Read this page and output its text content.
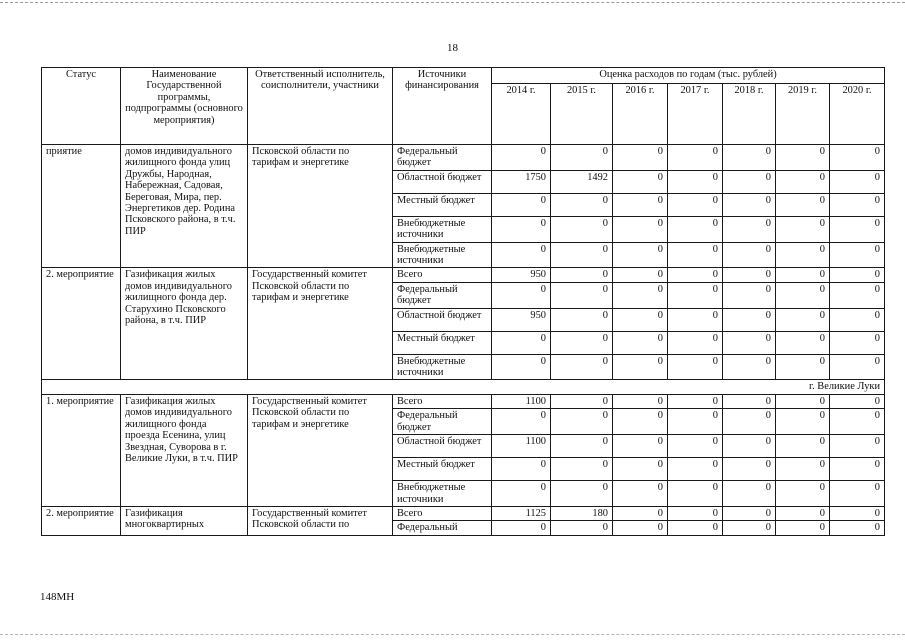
18
Статус	Наименование Государственной программы, подпрограммы (основного мероприятия)	Ответственный исполнитель, соисполнители, участники	Источники финансирования	Оценка расходов по годам (тыс. рублей)						
				2014 г.	2015 г.	2016 г.	2017 г.	2018 г.	2019 г.	2020 г.
приятие	домов индивидуального жилищного фонда улиц Дружбы, Народная, Набережная, Садовая, Береговая, Мира, пер. Энергетиков дер. Родина Псковского района, в т.ч. ПИР	Псковской области по тарифам и энергетике	Федеральный бюджет	0	0	0	0	0	0	0
			Областной бюджет	1750	1492	0	0	0	0	0
			Местный бюджет	0	0	0	0	0	0	0
			Внебюджетные источники	0	0	0	0	0	0	0
			Внебюджетные источники	0	0	0	0	0	0	0
2. мероприятие	Газификация жилых домов индивидуального жилищного фонда дер. Старухино Псковского района, в т.ч. ПИР	Государственный комитет Псковской области по тарифам и энергетике	Всего	950	0	0	0	0	0	0
			Федеральный бюджет	0	0	0	0	0	0	0
			Областной бюджет	950	0	0	0	0	0	0
			Местный бюджет	0	0	0	0	0	0	0
			Внебюджетные источники	0	0	0	0	0	0	0
г. Великие Луки										
1. мероприятие	Газификация жилых домов индивидуального жилищного фонда проезда Есенина, улиц Звездная, Суворова в г. Великие Луки, в т.ч. ПИР	Государственный комитет Псковской области по тарифам и энергетике	Всего	1100	0	0	0	0	0	0
			Федеральный бюджет	0	0	0	0	0	0	0
			Областной бюджет	1100	0	0	0	0	0	0
			Местный бюджет	0	0	0	0	0	0	0
			Внебюджетные источники	0	0	0	0	0	0	0
2. мероприятие	Газификация многоквартирных	Государственный комитет Псковской области по	Всего	1125	180	0	0	0	0	0
			Федеральный	0	0	0	0	0	0	0
148МН
